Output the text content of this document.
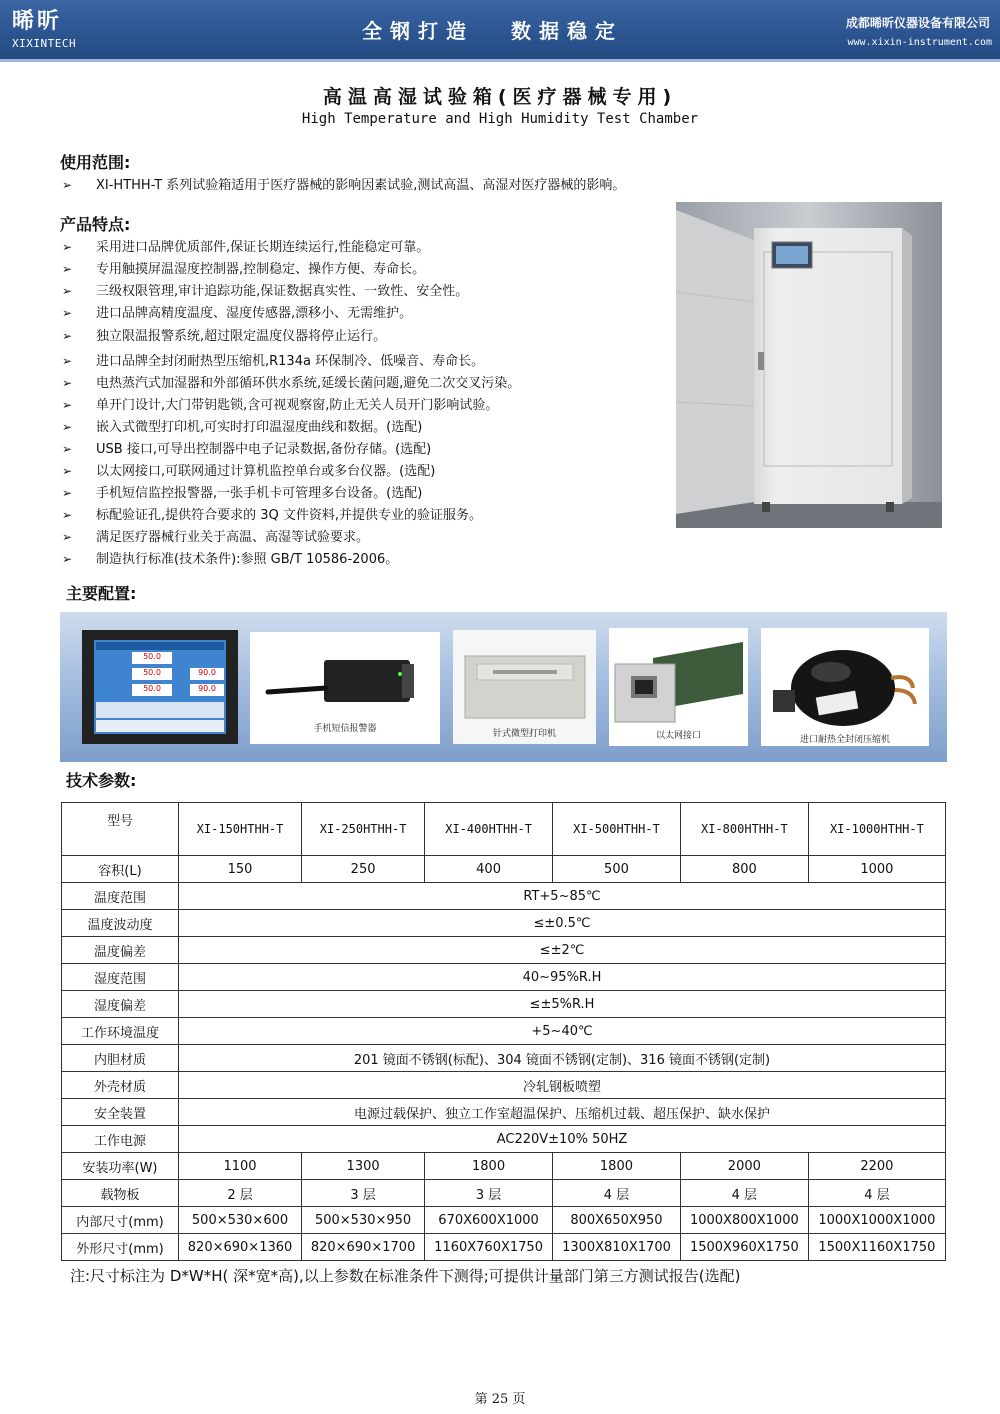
晞昕
XIXINTECH
全钢打造 数据稳定	成都晞昕仪器设备有限公司
www.xixin-instrument.com
高温高湿试验箱(医疗器械专用)
High Temperature and High Humidity Test Chamber
使用范围:
➢ XI-HTHH-T 系列试验箱适用于医疗器械的影响因素试验,测试高温、高湿对医疗器械的影响。
产品特点:
➢ 采用进口品牌优质部件,保证长期连续运行,性能稳定可靠。
➢ 专用触摸屏温湿度控制器,控制稳定、操作方便、寿命长。
➢ 三级权限管理,审计追踪功能,保证数据真实性、一致性、安全性。
➢ 进口品牌高精度温度、湿度传感器,漂移小、无需维护。
➢ 独立限温报警系统,超过限定温度仪器将停止运行。
➢ 进口品牌全封闭耐热型压缩机,R134a 环保制冷、低噪音、寿命长。
➢ 电热蒸汽式加湿器和外部循环供水系统,延缓长菌问题,避免二次交叉污染。
➢ 单开门设计,大门带钥匙锁,含可视观察窗,防止无关人员开门影响试验。
➢ 嵌入式微型打印机,可实时打印温湿度曲线和数据。(选配)
➢ USB 接口,可导出控制器中电子记录数据,备份存储。(选配)
➢ 以太网接口,可联网通过计算机监控单台或多台仪器。(选配)
➢ 手机短信监控报警器,一张手机卡可管理多台设备。(选配)
➢ 标配验证孔,提供符合要求的 3Q 文件资料,并提供专业的验证服务。
➢ 满足医疗器械行业关于高温、高湿等试验要求。
➢ 制造执行标准(技术条件):参照 GB/T 10586-2006。
主要配置:
50.0
50.0	90.0
50.0	90.0
手机短信报警器	针式微型打印机	以太网接口	进口耐热全封闭压缩机
技术参数:
型号	XI-150HTHH-T	XI-250HTHH-T	XI-400HTHH-T	XI-500HTHH-T	XI-800HTHH-T	XI-1000HTHH-T
容积(L)	150	250	400	500	800	1000
温度范围	RT+5~85℃					
温度波动度	≤±0.5℃					
温度偏差	≤±2℃					
湿度范围	40~95%R.H					
湿度偏差	≤±5%R.H					
工作环境温度	+5~40℃					
内胆材质	201 镜面不锈钢(标配)、304 镜面不锈钢(定制)、316 镜面不锈钢(定制)					
外壳材质	冷轧钢板喷塑					
安全装置	电源过载保护、独立工作室超温保护、压缩机过载、超压保护、缺水保护					
工作电源	AC220V±10% 50HZ					
安装功率(W)	1100	1300	1800	1800	2000	2200
载物板	2 层	3 层	3 层	4 层	4 层	4 层
内部尺寸(mm)	500×530×600	500×530×950	670X600X1000	800X650X950	1000X800X1000	1000X1000X1000
外形尺寸(mm)	820×690×1360	820×690×1700	1160X760X1750	1300X810X1700	1500X960X1750	1500X1160X1750
注:尺寸标注为 D*W*H( 深*宽*高),以上参数在标准条件下测得;可提供计量部门第三方测试报告(选配)
第 25 页
